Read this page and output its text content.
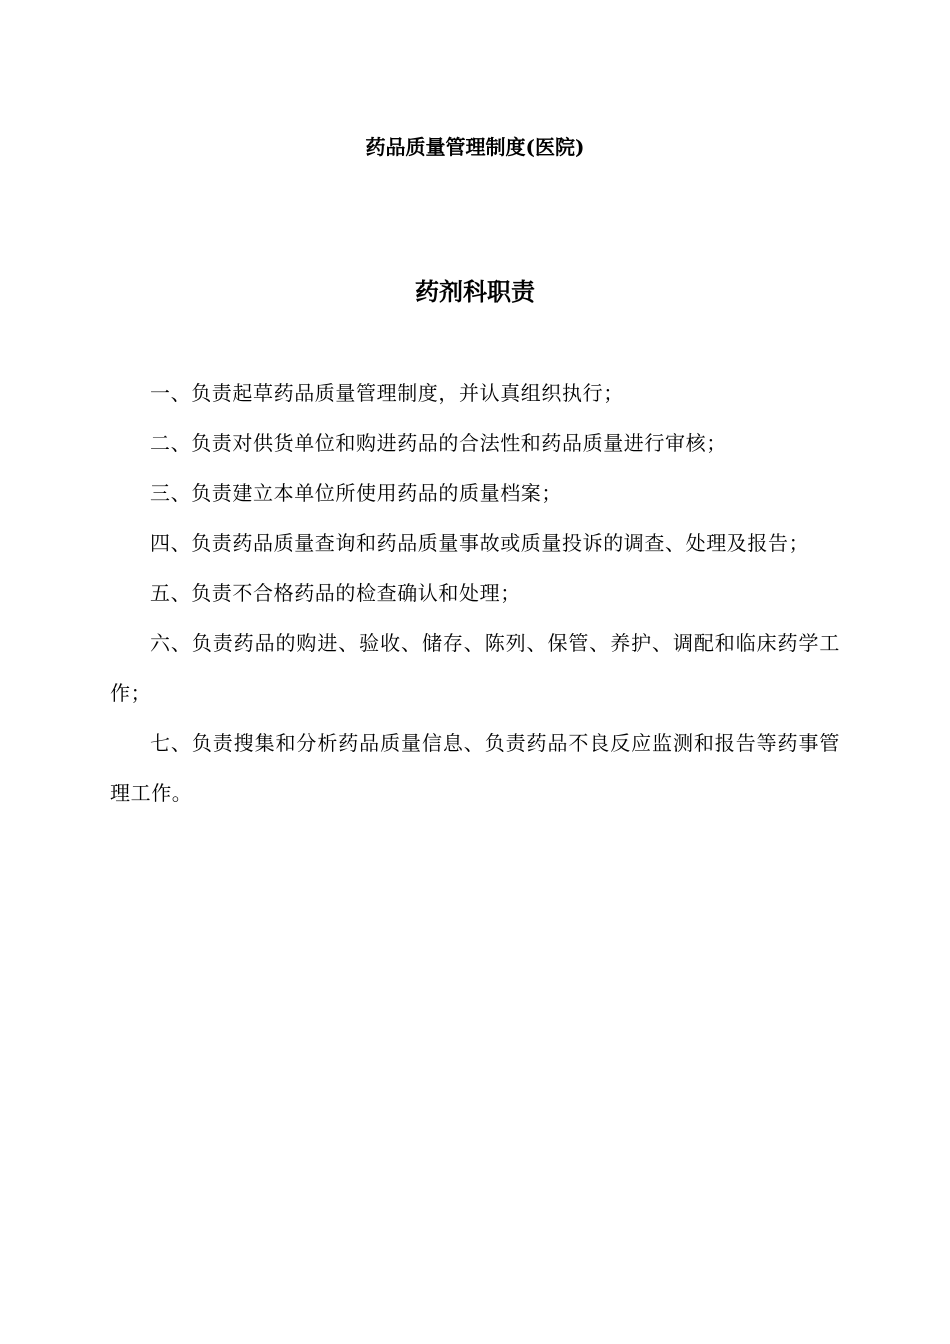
药品质量管理制度(医院)
药剂科职责

一、负责起草药品质量管理制度，并认真组织执行；

二、负责对供货单位和购进药品的合法性和药品质量进行审核；

三、负责建立本单位所使用药品的质量档案；

四、负责药品质量查询和药品质量事故或质量投诉的调查、处理及报告；

五、负责不合格药品的检查确认和处理；

六、负责药品的购进、验收、储存、陈列、保管、养护、调配和临床药学工作；

七、负责搜集和分析药品质量信息、负责药品不良反应监测和报告等药事管理工作。
